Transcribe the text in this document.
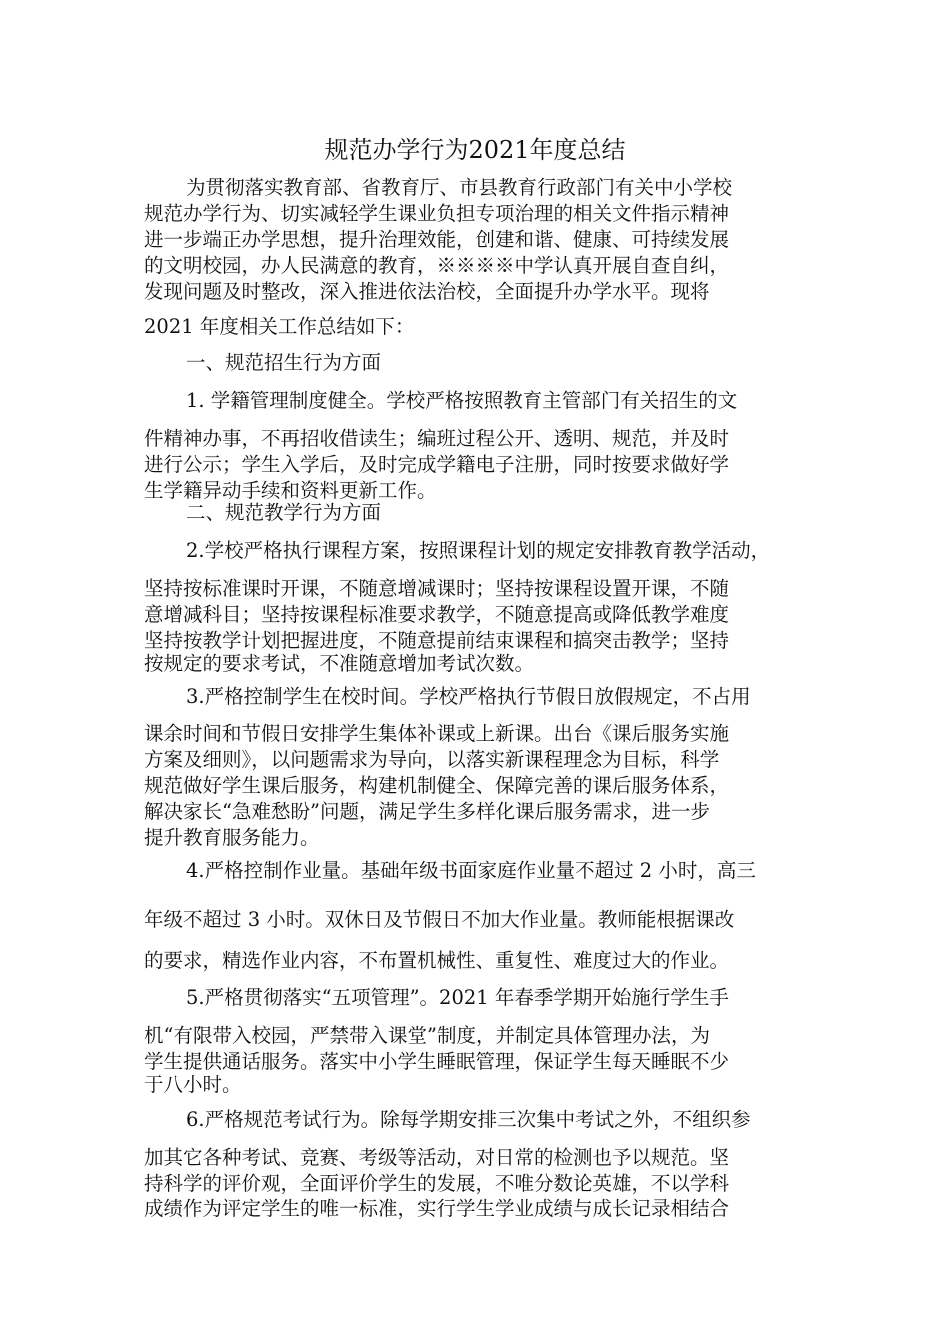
规范办学行为2021年度总结
为贯彻落实教育部、省教育厅、市县教育行政部门有关中小学校
规范办学行为、切实减轻学生课业负担专项治理的相关文件指示精神
进一步端正办学思想，提升治理效能，创建和谐、健康、可持续发展
的文明校园，办人民满意的教育，※※※※中学认真开展自查自纠，
发现问题及时整改，深入推进依法治校，全面提升办学水平。现将
2021 年度相关工作总结如下：
一、规范招生行为方面
1. 学籍管理制度健全。学校严格按照教育主管部门有关招生的文
件精神办事，不再招收借读生；编班过程公开、透明、规范，并及时
进行公示；学生入学后，及时完成学籍电子注册，同时按要求做好学
生学籍异动手续和资料更新工作。
二、规范教学行为方面
2.学校严格执行课程方案，按照课程计划的规定安排教育教学活动，
坚持按标准课时开课，不随意增减课时；坚持按课程设置开课，不随
意增减科目；坚持按课程标准要求教学，不随意提高或降低教学难度
坚持按教学计划把握进度，不随意提前结束课程和搞突击教学；坚持
按规定的要求考试，不准随意增加考试次数。
3.严格控制学生在校时间。学校严格执行节假日放假规定，不占用
课余时间和节假日安排学生集体补课或上新课。出台《课后服务实施
方案及细则》，以问题需求为导向，以落实新课程理念为目标，科学
规范做好学生课后服务，构建机制健全、保障完善的课后服务体系，
解决家长“急难愁盼”问题，满足学生多样化课后服务需求，进一步
提升教育服务能力。
4.严格控制作业量。基础年级书面家庭作业量不超过 2 小时，高三
年级不超过 3 小时。双休日及节假日不加大作业量。教师能根据课改
的要求，精选作业内容，不布置机械性、重复性、难度过大的作业。
5.严格贯彻落实“五项管理”。2021 年春季学期开始施行学生手
机“有限带入校园，严禁带入课堂”制度，并制定具体管理办法，为
学生提供通话服务。落实中小学生睡眠管理，保证学生每天睡眠不少
于八小时。
6.严格规范考试行为。除每学期安排三次集中考试之外，不组织参
加其它各种考试、竞赛、考级等活动，对日常的检测也予以规范。坚
持科学的评价观，全面评价学生的发展，不唯分数论英雄，不以学科
成绩作为评定学生的唯一标准，实行学生学业成绩与成长记录相结合
